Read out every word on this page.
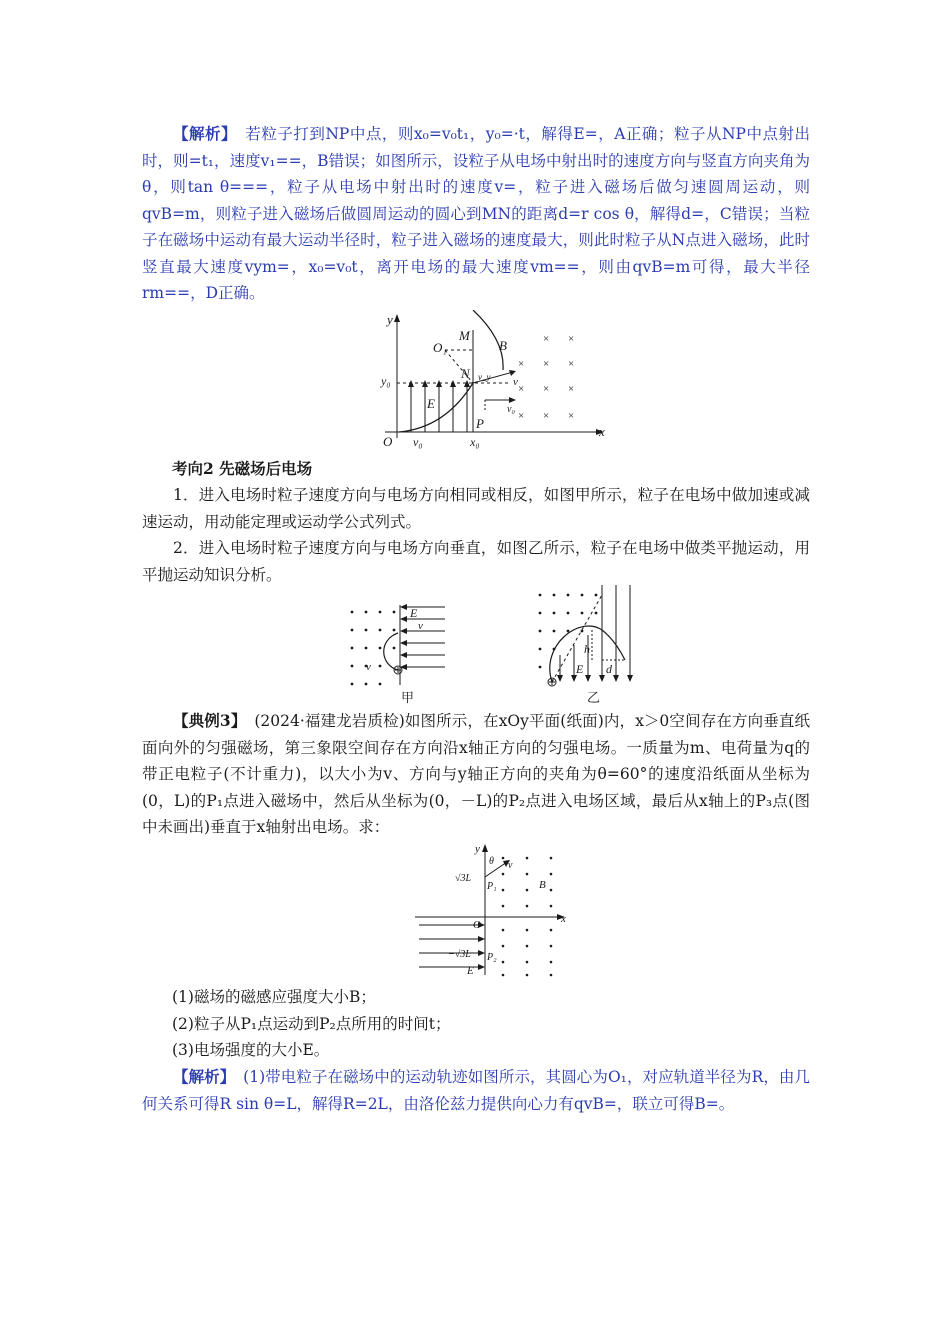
【解析】　若粒子打到NP中点，则x₀=v₀t₁，y₀=·t，解得E=，A正确；粒子从NP中点射出时，则=t₁，速度v₁==，B错误；如图所示，设粒子从电场中射出时的速度方向与竖直方向夹角为θ，则tan θ===，粒子从电场中射出时的速度v=，粒子进入磁场后做匀速圆周运动，则qvB=m，则粒子进入磁场后做圆周运动的圆心到MN的距离d=r cos θ，解得d=，C错误；当粒子在磁场中运动有最大运动半径时，粒子进入磁场的速度最大，则此时粒子从N点进入磁场，此时竖直最大速度vym=，x₀=v₀t，离开电场的最大速度vm==，则由qvB=m可得，最大半径rm==，D正确。
× ×
× × ×
× × ×
× × ×
y
M
O₁	B
N v_y v
y₀
E
P
v₀
O v₀	x₀
x
考向2 先磁场后电场
1．进入电场时粒子速度方向与电场方向相同或相反，如图甲所示，粒子在电场中做加速或减速运动，用动能定理或运动学公式列式。
2．进入电场时粒子速度方向与电场方向垂直，如图乙所示，粒子在电场中做类平抛运动，用平抛运动知识分析。
E
v
v	E
h
d
甲	乙
【典例3】　(2024·福建龙岩质检)如图所示，在xOy平面(纸面)内，x＞0空间存在方向垂直纸面向外的匀强磁场，第三象限空间存在方向沿x轴正方向的匀强电场。一质量为m、电荷量为q的带正电粒子(不计重力)，以大小为v、方向与y轴正方向的夹角为θ=60°的速度沿纸面从坐标为(0，L)的P₁点进入磁场中，然后从坐标为(0，－L)的P₂点进入电场区域，最后从x轴上的P₃点(图中未画出)垂直于x轴射出电场。求：
y
θ v
√3L
P₁	B
O	x
−√3L P₂
E
(1)磁场的磁感应强度大小B；
(2)粒子从P₁点运动到P₂点所用的时间t；
(3)电场强度的大小E。
【解析】　(1)带电粒子在磁场中的运动轨迹如图所示，其圆心为O₁，对应轨道半径为R，由几何关系可得R sin θ=L，解得R=2L，由洛伦兹力提供向心力有qvB=，联立可得B=。
